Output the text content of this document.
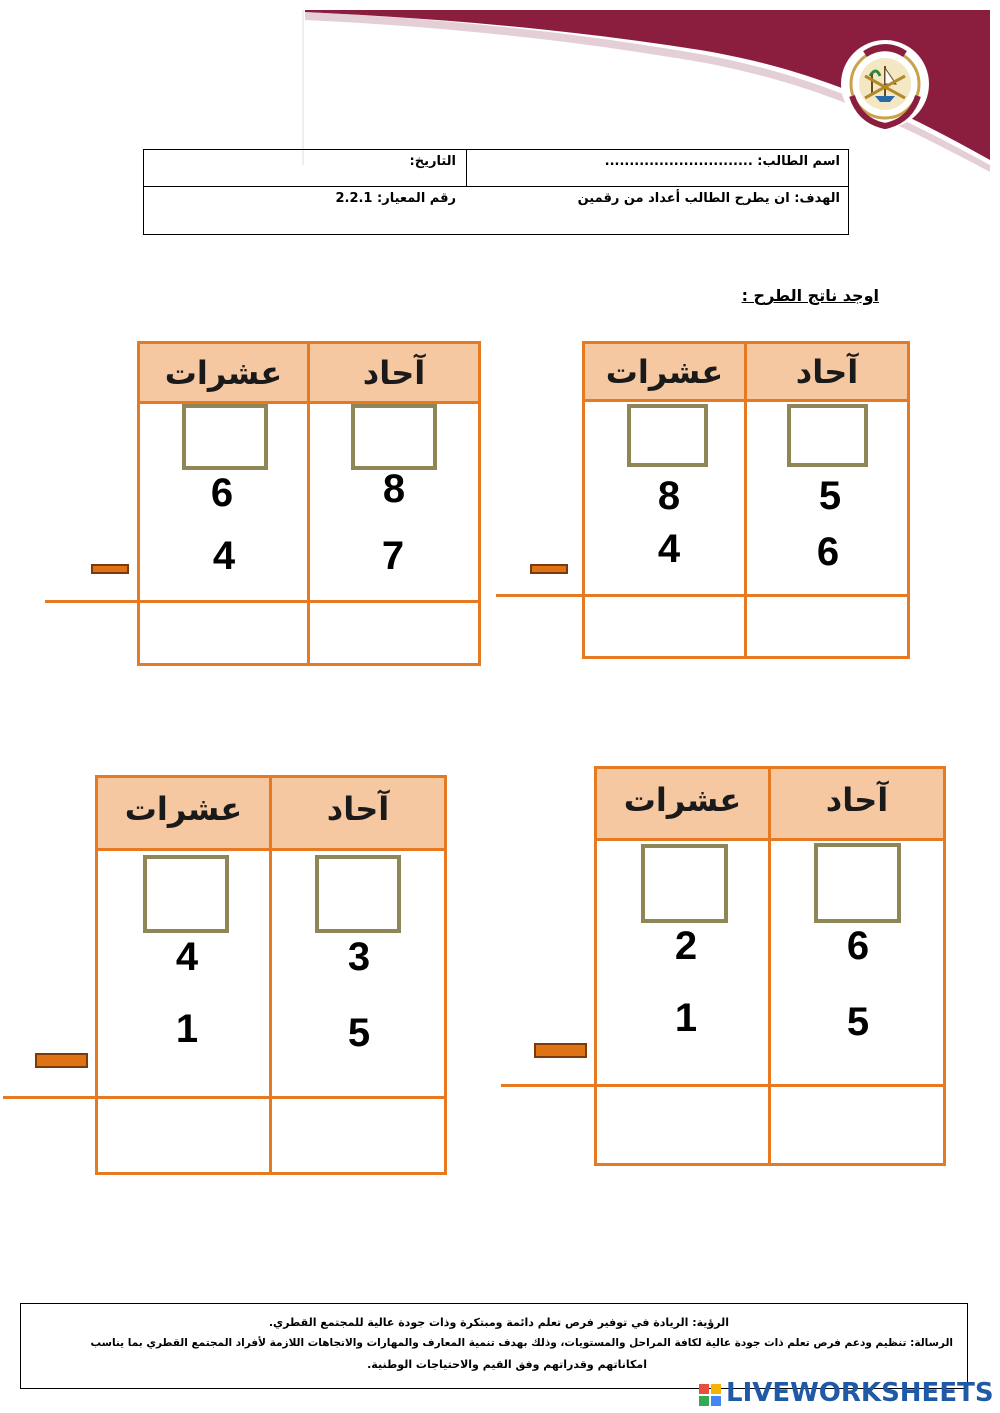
اسم الطالب: ..............................
التاريخ:
الهدف: ان يطرح الطالب أعداد من رقمين
رقم المعيار: 2.2.1
اوجد ناتج الطرح :
عشرات	آحاد
8	5
4	6
عشرات	آحاد
6	8
4	7
عشرات	آحاد
2	6
1	5
عشرات	آحاد
4	3
1	5
الرؤية: الريادة في توفير فرص تعلم دائمة ومبتكرة وذات جودة عالية للمجتمع القطري.
الرسالة: تنظيم ودعم فرص تعلم ذات جودة عالية لكافة المراحل والمستويات، وذلك بهدف تنمية المعارف والمهارات والاتجاهات اللازمة لأفراد المجتمع القطري بما يناسب
امكاناتهم وقدراتهم وفق القيم والاحتياجات الوطنية.
LIVEWORKSHEETS
